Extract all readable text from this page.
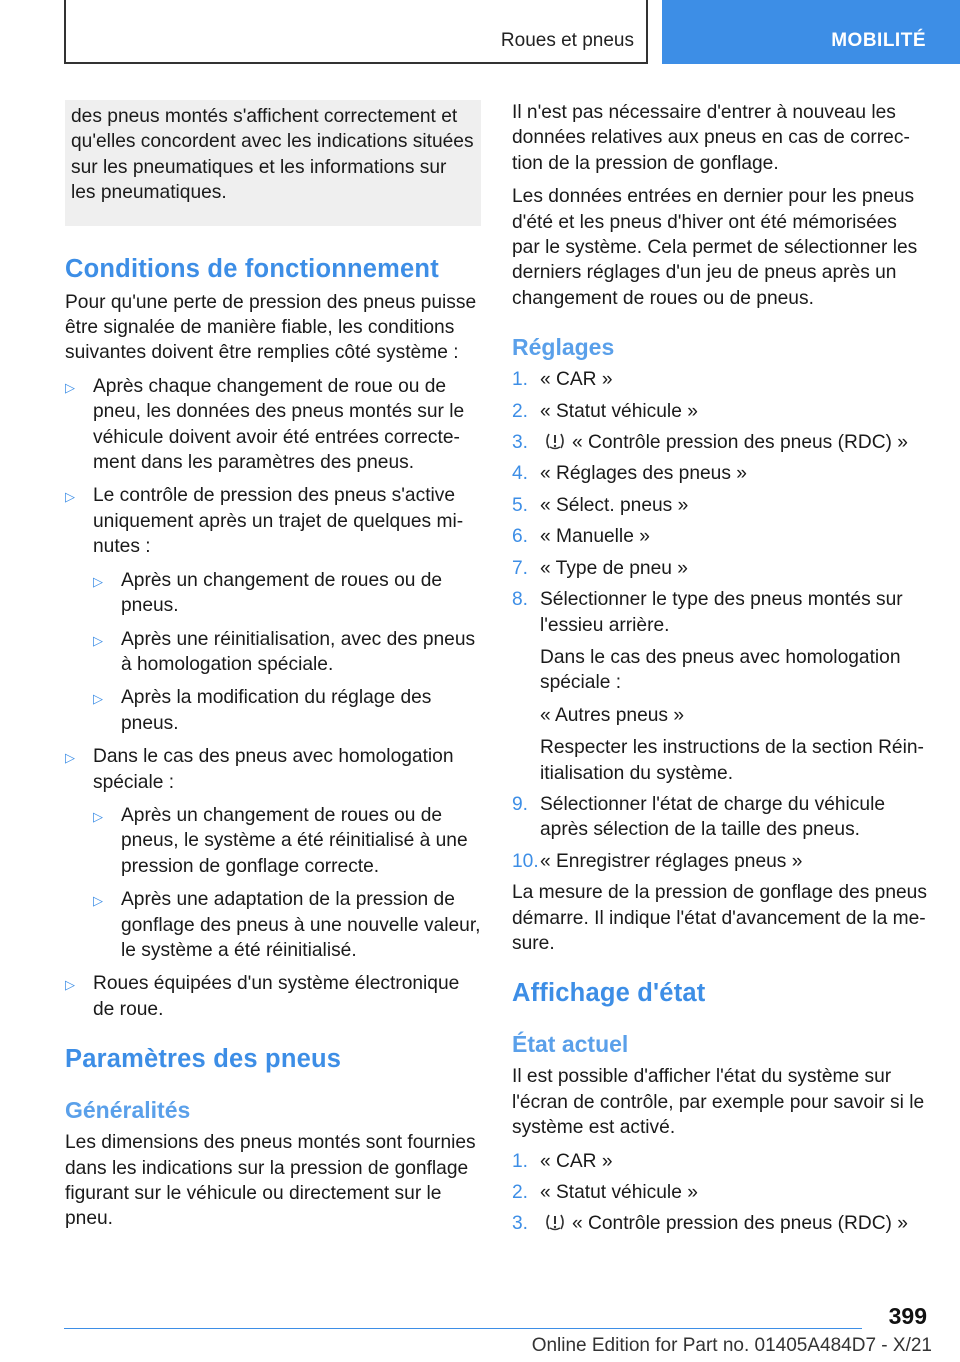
Roues et pneus	MOBILITÉ
des pneus montés s'affichent correctement et qu'elles concordent avec les indications situées sur les pneumatiques et les informations sur les pneumatiques.
Conditions de fonctionnement

Pour qu'une perte de pression des pneus puisse être signalée de manière fiable, les conditions suivantes doivent être remplies côté système :

▷ Après chaque changement de roue ou de pneu, les données des pneus montés sur le véhicule doivent avoir été entrées correcte‐ment dans les paramètres des pneus.
▷ Le contrôle de pression des pneus s'active uniquement après un trajet de quelques mi‐nutes :
▷ Après un changement de roues ou de pneus.
▷ Après une réinitialisation, avec des pneus à homologation spéciale.
▷ Après la modification du réglage des pneus.
▷ Dans le cas des pneus avec homologation spéciale :
▷ Après un changement de roues ou de pneus, le système a été réinitialisé à une pression de gonflage correcte.
▷ Après une adaptation de la pression de gonflage des pneus à une nouvelle valeur, le système a été réinitialisé.
▷ Roues équipées d'un système électronique de roue.
Paramètres des pneus
Généralités

Les dimensions des pneus montés sont fournies dans les indications sur la pression de gonflage figurant sur le véhicule ou directement sur le pneu.

Il n'est pas nécessaire d'entrer à nouveau les données relatives aux pneus en cas de correc‐tion de la pression de gonflage.

Les données entrées en dernier pour les pneus d'été et les pneus d'hiver ont été mémorisées par le système. Cela permet de sélectionner les derniers réglages d'un jeu de pneus après un changement de roues ou de pneus.

Réglages
1. « CAR »
2. « Statut véhicule »
3. « Contrôle pression des pneus (RDC) »
4. « Réglages des pneus »
5. « Sélect. pneus »
6. « Manuelle »
7. « Type de pneu »
8. Sélectionner le type des pneus montés sur l'essieu arrière.
Dans le cas des pneus avec homologation spéciale :
« Autres pneus »
Respecter les instructions de la section Réin‐itialisation du système.
9. Sélectionner l'état de charge du véhicule après sélection de la taille des pneus.
10. « Enregistrer réglages pneus »

La mesure de la pression de gonflage des pneus démarre. Il indique l'état d'avancement de la me‐sure.

Affichage d'état
État actuel

Il est possible d'afficher l'état du système sur l'écran de contrôle, par exemple pour savoir si le système est activé.

1. « CAR »
2. « Statut véhicule »
3. « Contrôle pression des pneus (RDC) »
399
Online Edition for Part no. 01405A484D7 - X/21
